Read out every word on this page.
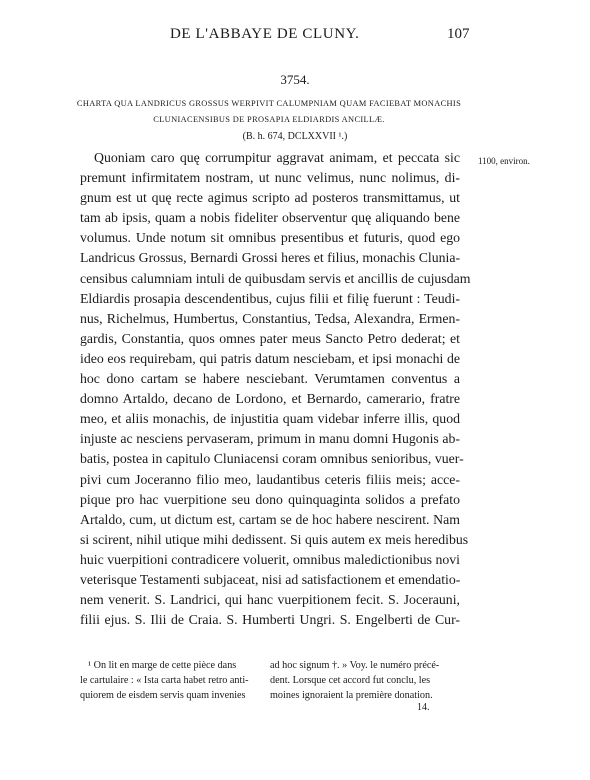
DE L'ABBAYE DE CLUNY.	107
3754.
CHARTA QUA LANDRICUS GROSSUS WERPIVIT CALUMPNIAM QUAM FACIEBAT MONACHIS
CLUNIACENSIBUS DE PROSAPIA ELDIARDIS ANCILLÆ.
(B. h. 674, DCLXXVII ¹.)
1100, environ.
Quoniam caro quę corrumpitur aggravat animam, et peccata sic
premunt infirmitatem nostram, ut nunc velimus, nunc nolimus, di-
gnum est ut quę recte agimus scripto ad posteros transmittamus, ut
tam ab ipsis, quam a nobis fideliter observentur quę aliquando bene
volumus. Unde notum sit omnibus presentibus et futuris, quod ego
Landricus Grossus, Bernardi Grossi heres et filius, monachis Clunia-
censibus calumniam intuli de quibusdam servis et ancillis de cujusdam
Eldiardis prosapia descendentibus, cujus filii et filię fuerunt : Teudi-
nus, Richelmus, Humbertus, Constantius, Tedsa, Alexandra, Ermen-
gardis, Constantia, quos omnes pater meus Sancto Petro dederat; et
ideo eos requirebam, qui patris datum nesciebam, et ipsi monachi de
hoc dono cartam se habere nesciebant. Verumtamen conventus a
domno Artaldo, decano de Lordono, et Bernardo, camerario, fratre
meo, et aliis monachis, de injustitia quam videbar inferre illis, quod
injuste ac nesciens pervaseram, primum in manu domni Hugonis ab-
batis, postea in capitulo Cluniacensi coram omnibus senioribus, vuer-
pivi cum Joceranno filio meo, laudantibus ceteris filiis meis; acce-
pique pro hac vuerpitione seu dono quinquaginta solidos a prefato
Artaldo, cum, ut dictum est, cartam se de hoc habere nescirent. Nam
si scirent, nihil utique mihi dedissent. Si quis autem ex meis heredibus
huic vuerpitioni contradicere voluerit, omnibus maledictionibus novi
veterisque Testamenti subjaceat, nisi ad satisfactionem et emendatio-
nem venerit. S. Landrici, qui hanc vuerpitionem fecit. S. Jocerauni,
filii ejus. S. Ilii de Craia. S. Humberti Ungri. S. Engelberti de Cur-
¹ On lit en marge de cette pièce dans
le cartulaire : « Ista carta habet retro anti-
quiorem de eisdem servis quam invenies
ad hoc signum †. » Voy. le numéro précé-
dent. Lorsque cet accord fut conclu, les
moines ignoraient la première donation.
14.
